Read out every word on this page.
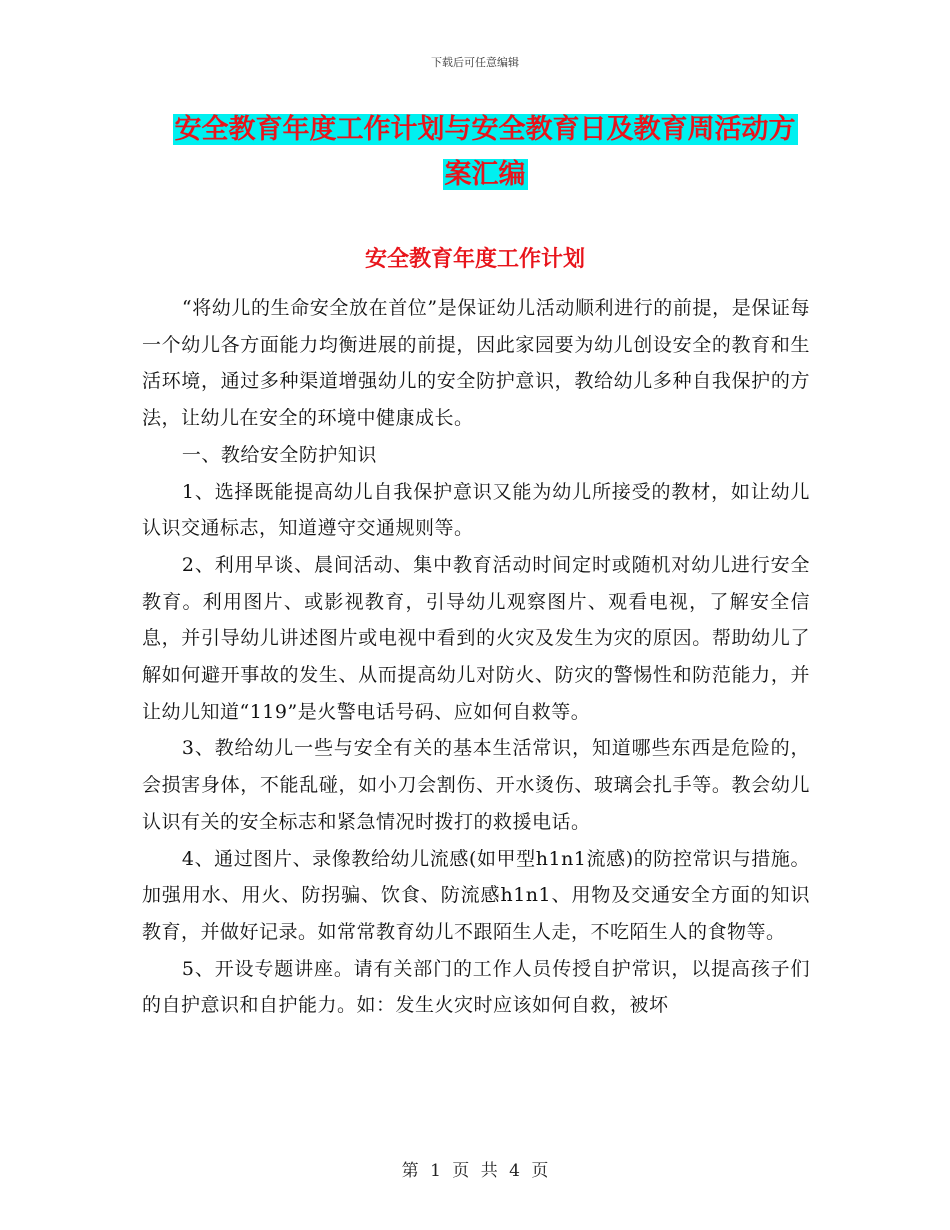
下载后可任意编辑
安全教育年度工作计划与安全教育日及教育周活动方
案汇编
安全教育年度工作计划

“将幼儿的生命安全放在首位”是保证幼儿活动顺利进行的前提，是保证每一个幼儿各方面能力均衡进展的前提，因此家园要为幼儿创设安全的教育和生活环境，通过多种渠道增强幼儿的安全防护意识，教给幼儿多种自我保护的方法，让幼儿在安全的环境中健康成长。

一、教给安全防护知识

1、选择既能提高幼儿自我保护意识又能为幼儿所接受的教材，如让幼儿认识交通标志，知道遵守交通规则等。

2、利用早谈、晨间活动、集中教育活动时间定时或随机对幼儿进行安全教育。利用图片、或影视教育，引导幼儿观察图片、观看电视，了解安全信息，并引导幼儿讲述图片或电视中看到的火灾及发生为灾的原因。帮助幼儿了解如何避开事故的发生、从而提高幼儿对防火、防灾的警惕性和防范能力，并让幼儿知道“119”是火警电话号码、应如何自救等。

3、教给幼儿一些与安全有关的基本生活常识，知道哪些东西是危险的，会损害身体，不能乱碰，如小刀会割伤、开水烫伤、玻璃会扎手等。教会幼儿认识有关的安全标志和紧急情况时拨打的救援电话。

4、通过图片、录像教给幼儿流感(如甲型h1n1流感)的防控常识与措施。加强用水、用火、防拐骗、饮食、防流感h1n1、用物及交通安全方面的知识教育，并做好记录。如常常教育幼儿不跟陌生人走，不吃陌生人的食物等。

5、开设专题讲座。请有关部门的工作人员传授自护常识，以提高孩子们的自护意识和自护能力。如：发生火灾时应该如何自救，被坏

第 1 页 共 4 页
